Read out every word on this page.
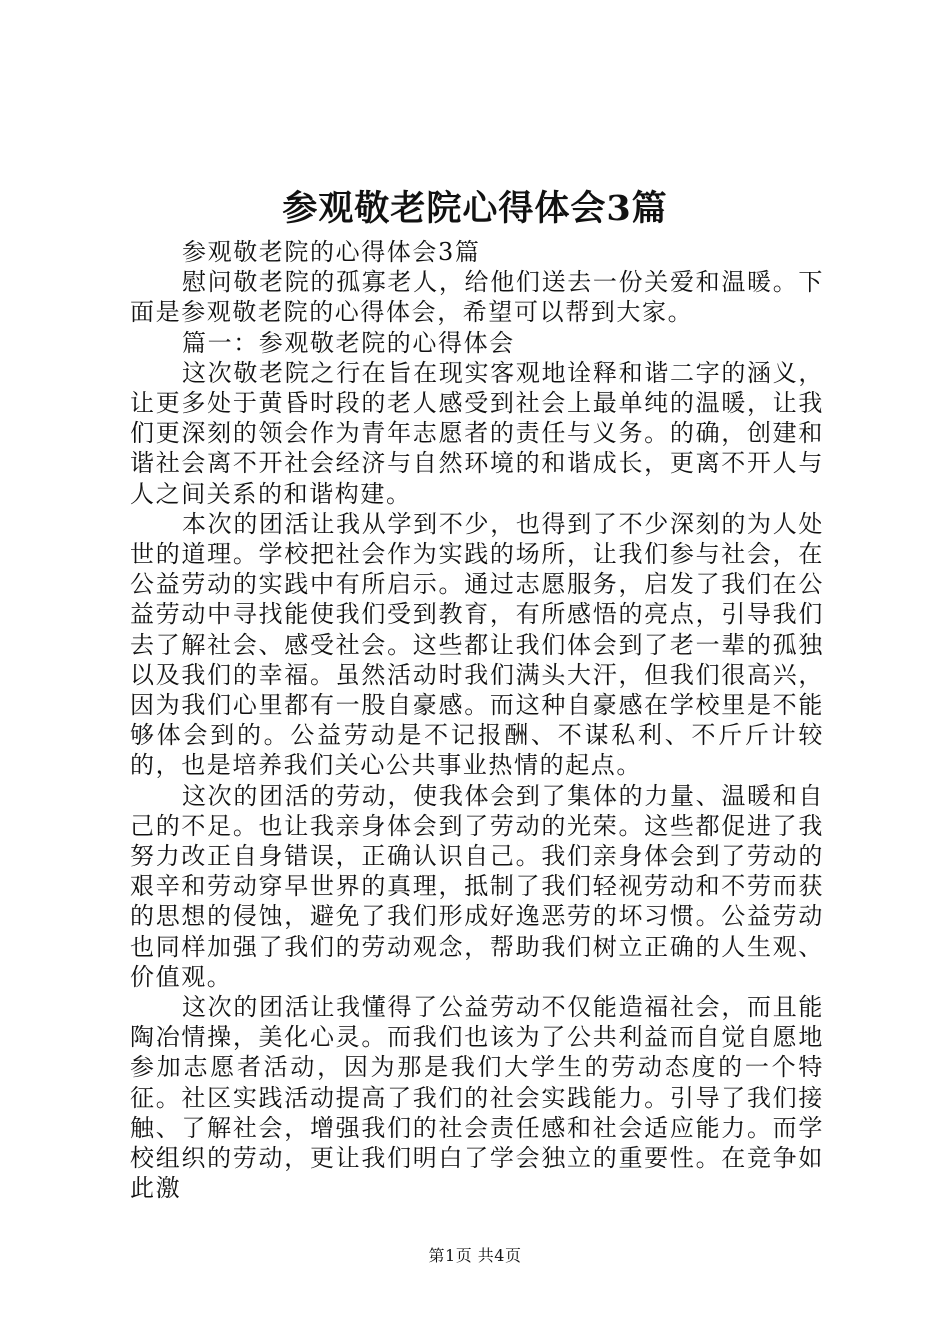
参观敬老院心得体会3篇

参观敬老院的心得体会3篇

慰问敬老院的孤寡老人，给他们送去一份关爱和温暖。下面是参观敬老院的心得体会，希望可以帮到大家。

篇一：参观敬老院的心得体会

这次敬老院之行在旨在现实客观地诠释和谐二字的涵义，让更多处于黄昏时段的老人感受到社会上最单纯的温暖，让我们更深刻的领会作为青年志愿者的责任与义务。的确，创建和谐社会离不开社会经济与自然环境的和谐成长，更离不开人与人之间关系的和谐构建。

本次的团活让我从学到不少，也得到了不少深刻的为人处世的道理。学校把社会作为实践的场所，让我们参与社会，在公益劳动的实践中有所启示。通过志愿服务，启发了我们在公益劳动中寻找能使我们受到教育，有所感悟的亮点，引导我们去了解社会、感受社会。这些都让我们体会到了老一辈的孤独以及我们的幸福。虽然活动时我们满头大汗，但我们很高兴，因为我们心里都有一股自豪感。而这种自豪感在学校里是不能够体会到的。公益劳动是不记报酬、不谋私利、不斤斤计较的，也是培养我们关心公共事业热情的起点。

这次的团活的劳动，使我体会到了集体的力量、温暖和自己的不足。也让我亲身体会到了劳动的光荣。这些都促进了我努力改正自身错误，正确认识自己。我们亲身体会到了劳动的艰辛和劳动穿早世界的真理，抵制了我们轻视劳动和不劳而获的思想的侵蚀，避免了我们形成好逸恶劳的坏习惯。公益劳动也同样加强了我们的劳动观念，帮助我们树立正确的人生观、价值观。

这次的团活让我懂得了公益劳动不仅能造福社会，而且能陶冶情操，美化心灵。而我们也该为了公共利益而自觉自愿地参加志愿者活动，因为那是我们大学生的劳动态度的一个特征。社区实践活动提高了我们的社会实践能力。引导了我们接触、了解社会，增强我们的社会责任感和社会适应能力。而学校组织的劳动，更让我们明白了学会独立的重要性。在竞争如此激

第1页 共4页
